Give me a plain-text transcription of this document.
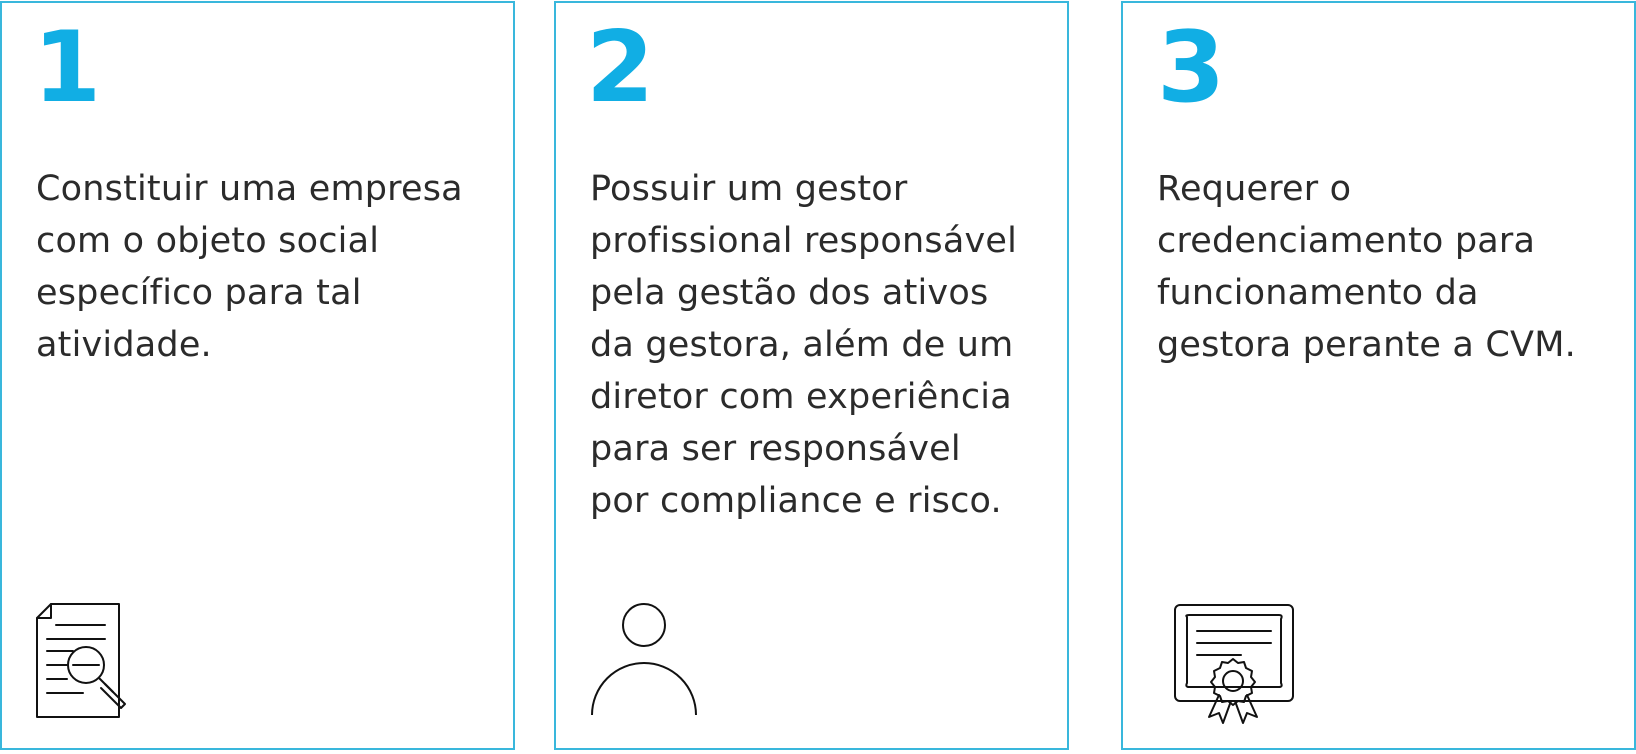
1
Constituir uma empresa
com o objeto social
específico para tal
atividade.
2
Possuir um gestor
profissional responsável
pela gestão dos ativos
da gestora, além de um
diretor com experiência
para ser responsável
por compliance e risco.
3
Requerer o
credenciamento para
funcionamento da
gestora perante a CVM.
